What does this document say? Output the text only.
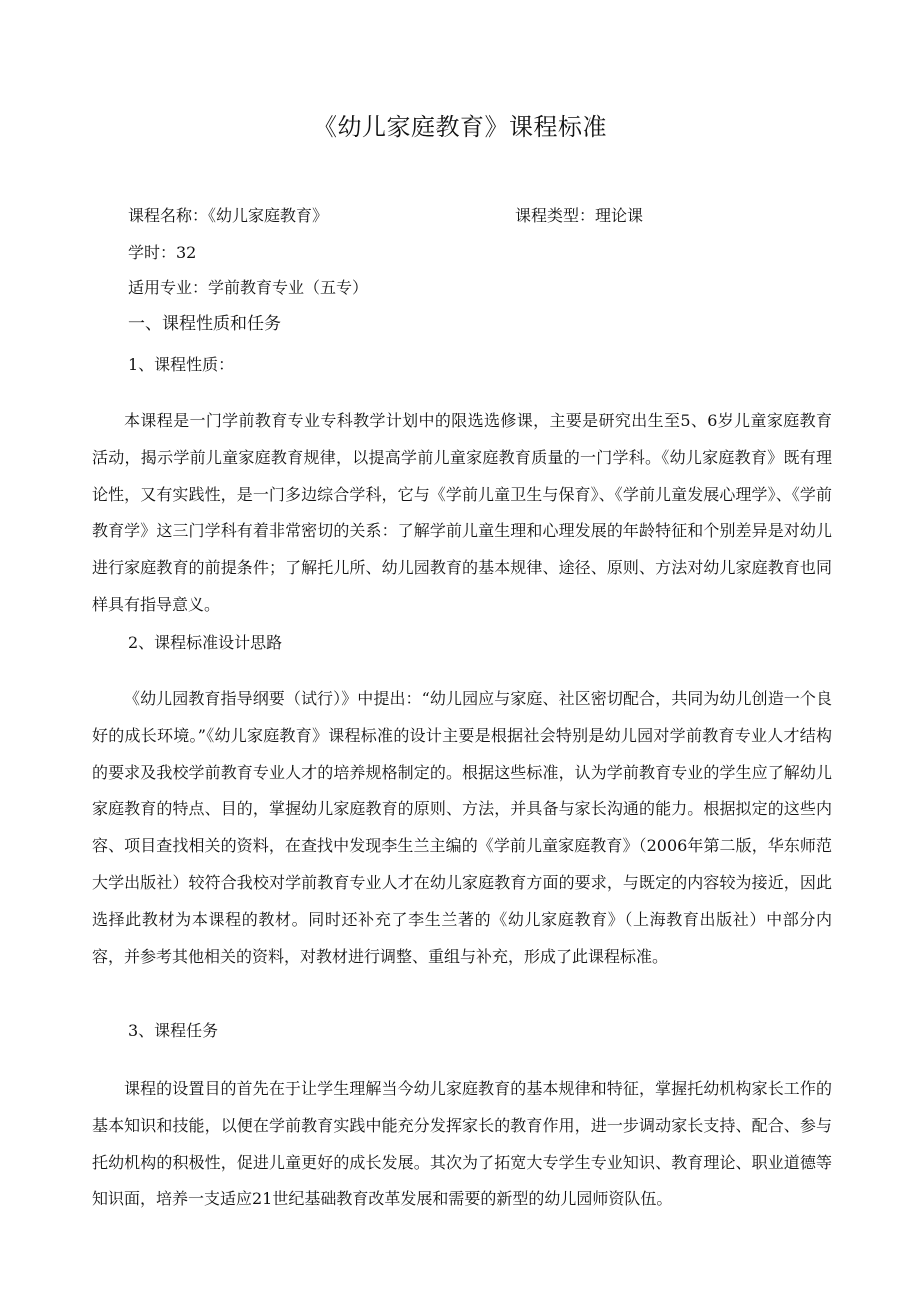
《幼儿家庭教育》课程标准
课程名称：《幼儿家庭教育》	课程类型：理论课
学时：32
适用专业：学前教育专业（五专）
一、课程性质和任务
1、课程性质：

本课程是一门学前教育专业专科教学计划中的限选选修课，主要是研究出生至5、6岁儿童家庭教育活动，揭示学前儿童家庭教育规律，以提高学前儿童家庭教育质量的一门学科。《幼儿家庭教育》既有理论性，又有实践性，是一门多边综合学科，它与《学前儿童卫生与保育》、《学前儿童发展心理学》、《学前教育学》这三门学科有着非常密切的关系：了解学前儿童生理和心理发展的年龄特征和个别差异是对幼儿进行家庭教育的前提条件；了解托儿所、幼儿园教育的基本规律、途径、原则、方法对幼儿家庭教育也同样具有指导意义。

2、课程标准设计思路

《幼儿园教育指导纲要（试行）》中提出：“幼儿园应与家庭、社区密切配合，共同为幼儿创造一个良好的成长环境。”《幼儿家庭教育》课程标准的设计主要是根据社会特别是幼儿园对学前教育专业人才结构的要求及我校学前教育专业人才的培养规格制定的。根据这些标准，认为学前教育专业的学生应了解幼儿家庭教育的特点、目的，掌握幼儿家庭教育的原则、方法，并具备与家长沟通的能力。根据拟定的这些内容、项目查找相关的资料，在查找中发现李生兰主编的《学前儿童家庭教育》（2006年第二版，华东师范大学出版社）较符合我校对学前教育专业人才在幼儿家庭教育方面的要求，与既定的内容较为接近，因此选择此教材为本课程的教材。同时还补充了李生兰著的《幼儿家庭教育》（上海教育出版社）中部分内容，并参考其他相关的资料，对教材进行调整、重组与补充，形成了此课程标准。

3、课程任务

课程的设置目的首先在于让学生理解当今幼儿家庭教育的基本规律和特征，掌握托幼机构家长工作的基本知识和技能，以便在学前教育实践中能充分发挥家长的教育作用，进一步调动家长支持、配合、参与托幼机构的积极性，促进儿童更好的成长发展。其次为了拓宽大专学生专业知识、教育理论、职业道德等知识面，培养一支适应21世纪基础教育改革发展和需要的新型的幼儿园师资队伍。
